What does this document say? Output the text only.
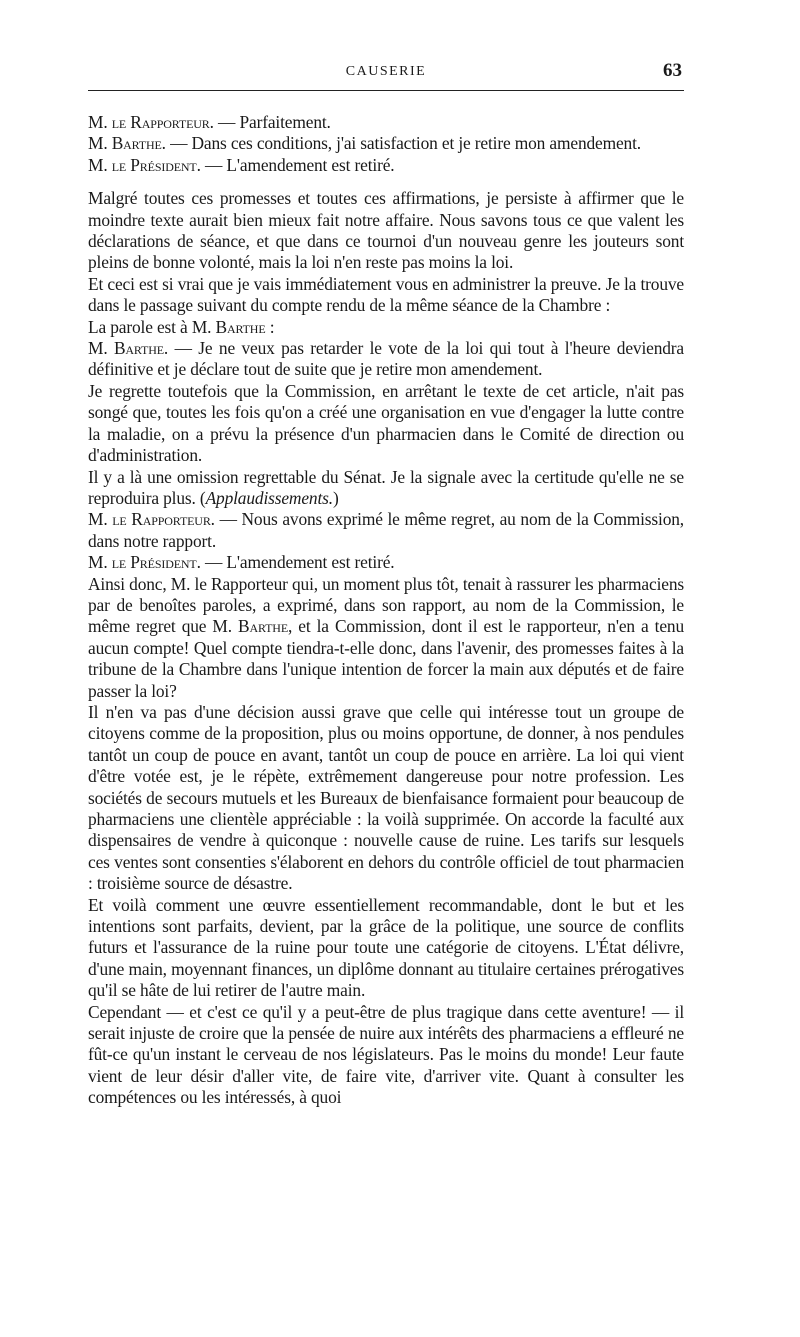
CAUSERIE	63

M. le Rapporteur. — Parfaitement.

M. Barthe. — Dans ces conditions, j'ai satisfaction et je retire mon amendement.

M. le Président. — L'amendement est retiré.

Malgré toutes ces promesses et toutes ces affirmations, je persiste à affirmer que le moindre texte aurait bien mieux fait notre affaire. Nous savons tous ce que valent les déclarations de séance, et que dans ce tournoi d'un nouveau genre les jouteurs sont pleins de bonne volonté, mais la loi n'en reste pas moins la loi.

Et ceci est si vrai que je vais immédiatement vous en administrer la preuve. Je la trouve dans le passage suivant du compte rendu de la même séance de la Chambre :

La parole est à M. Barthe :

M. Barthe. — Je ne veux pas retarder le vote de la loi qui tout à l'heure deviendra définitive et je déclare tout de suite que je retire mon amendement.

Je regrette toutefois que la Commission, en arrêtant le texte de cet article, n'ait pas songé que, toutes les fois qu'on a créé une organisation en vue d'engager la lutte contre la maladie, on a prévu la présence d'un pharmacien dans le Comité de direction ou d'administration.

Il y a là une omission regrettable du Sénat. Je la signale avec la certitude qu'elle ne se reproduira plus. (Applaudissements.)

M. le Rapporteur. — Nous avons exprimé le même regret, au nom de la Commission, dans notre rapport.

M. le Président. — L'amendement est retiré.

Ainsi donc, M. le Rapporteur qui, un moment plus tôt, tenait à rassurer les pharmaciens par de benoîtes paroles, a exprimé, dans son rapport, au nom de la Commission, le même regret que M. Barthe, et la Commission, dont il est le rapporteur, n'en a tenu aucun compte! Quel compte tiendra-t-elle donc, dans l'avenir, des promesses faites à la tribune de la Chambre dans l'unique intention de forcer la main aux députés et de faire passer la loi?

Il n'en va pas d'une décision aussi grave que celle qui intéresse tout un groupe de citoyens comme de la proposition, plus ou moins opportune, de donner, à nos pendules tantôt un coup de pouce en avant, tantôt un coup de pouce en arrière. La loi qui vient d'être votée est, je le répète, extrêmement dangereuse pour notre profession. Les sociétés de secours mutuels et les Bureaux de bienfaisance formaient pour beaucoup de pharmaciens une clientèle appréciable : la voilà supprimée. On accorde la faculté aux dispensaires de vendre à quiconque : nouvelle cause de ruine. Les tarifs sur lesquels ces ventes sont consenties s'élaborent en dehors du contrôle officiel de tout pharmacien : troisième source de désastre.

Et voilà comment une œuvre essentiellement recommandable, dont le but et les intentions sont parfaits, devient, par la grâce de la politique, une source de conflits futurs et l'assurance de la ruine pour toute une catégorie de citoyens. L'État délivre, d'une main, moyennant finances, un diplôme donnant au titulaire certaines prérogatives qu'il se hâte de lui retirer de l'autre main.

Cependant — et c'est ce qu'il y a peut-être de plus tragique dans cette aventure! — il serait injuste de croire que la pensée de nuire aux intérêts des pharmaciens a effleuré ne fût-ce qu'un instant le cerveau de nos législateurs. Pas le moins du monde! Leur faute vient de leur désir d'aller vite, de faire vite, d'arriver vite. Quant à consulter les compétences ou les intéressés, à quoi
